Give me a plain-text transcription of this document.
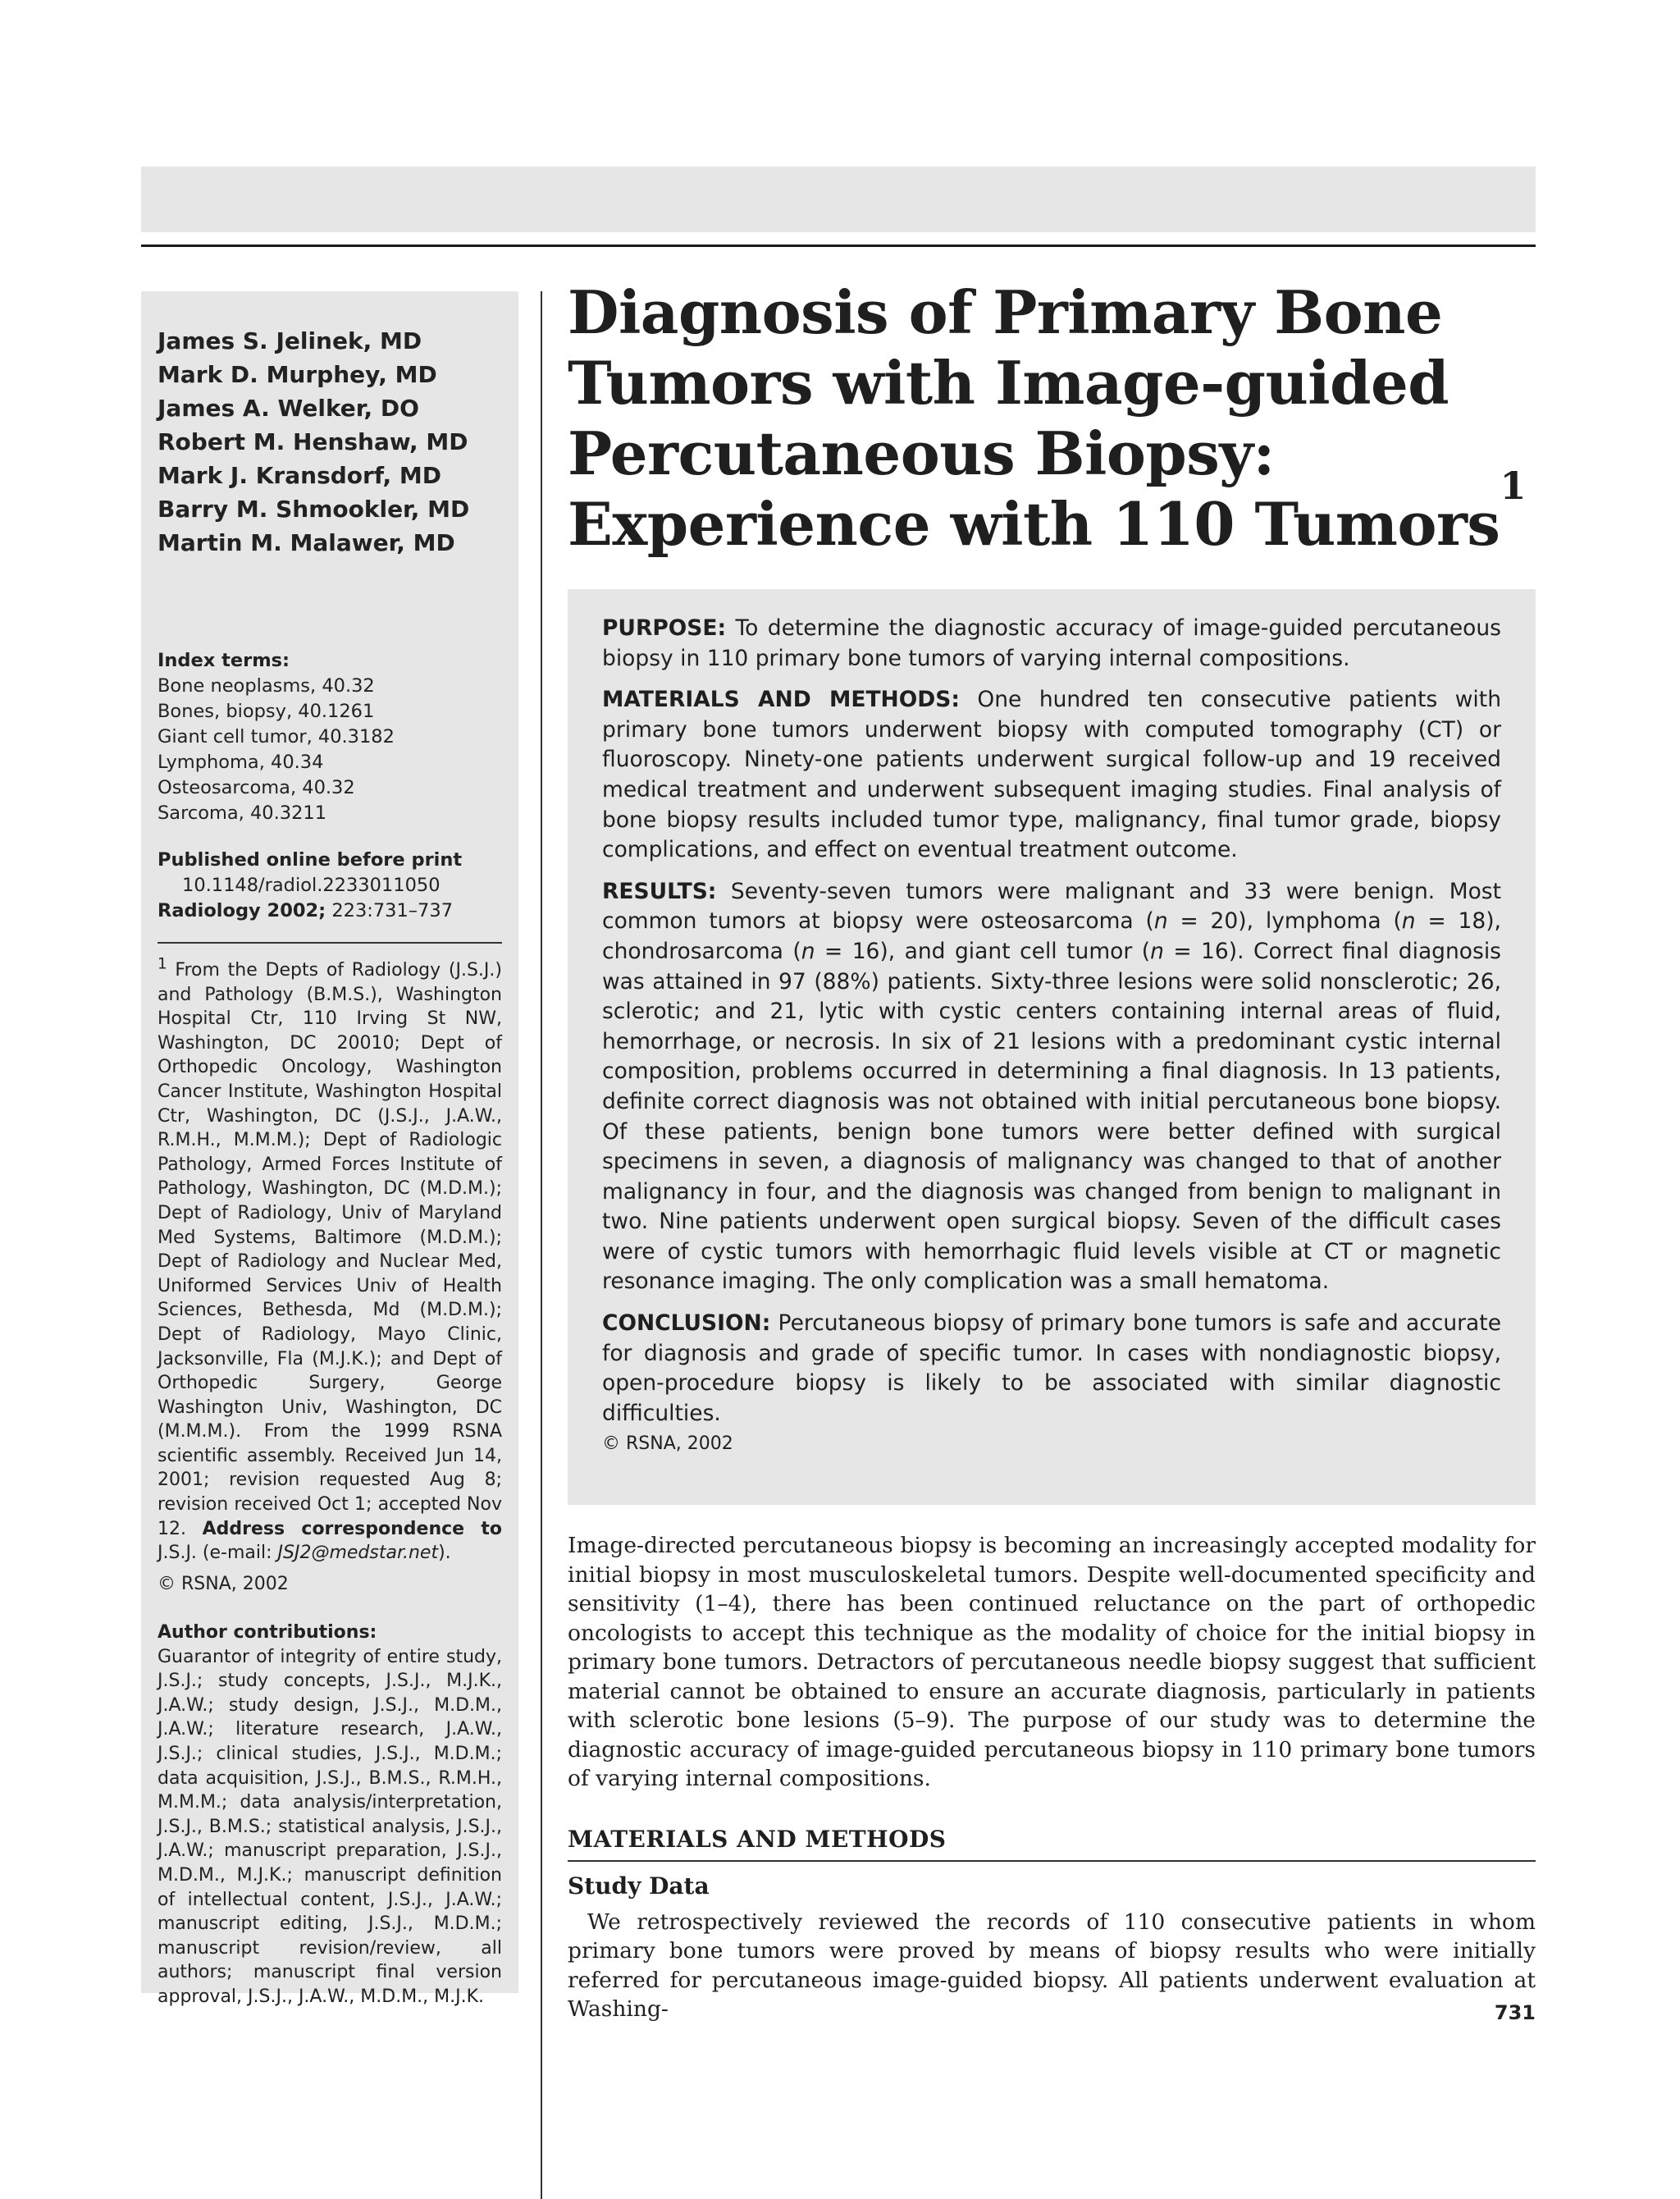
James S. Jelinek, MD
Mark D. Murphey, MD
James A. Welker, DO
Robert M. Henshaw, MD
Mark J. Kransdorf, MD
Barry M. Shmookler, MD
Martin M. Malawer, MD
Index terms:
Bone neoplasms, 40.32
Bones, biopsy, 40.1261
Giant cell tumor, 40.3182
Lymphoma, 40.34
Osteosarcoma, 40.32
Sarcoma, 40.3211
Published online before print
10.1148/radiol.2233011050
Radiology 2002; 223:731–737
$^1$ From the Depts of Radiology (J.S.J.) and Pathology (B.M.S.), Washington Hospital Ctr, 110 Irving St NW, Washington, DC 20010; Dept of Orthopedic Oncology, Washington Cancer Institute, Washington Hospital Ctr, Washington, DC (J.S.J., J.A.W., R.M.H., M.M.M.); Dept of Radiologic Pathology, Armed Forces Institute of Pathology, Washington, DC (M.D.M.); Dept of Radiology, Univ of Maryland Med Systems, Baltimore (M.D.M.); Dept of Radiology and Nuclear Med, Uniformed Services Univ of Health Sciences, Bethesda, Md (M.D.M.); Dept of Radiology, Mayo Clinic, Jacksonville, Fla (M.J.K.); and Dept of Orthopedic Surgery, George Washington Univ, Washington, DC (M.M.M.). From the 1999 RSNA scientific assembly. Received Jun 14, 2001; revision requested Aug 8; revision received Oct 1; accepted Nov 12. Address correspondence to J.S.J. (e-mail: JSJ2@medstar.net).
© RSNA, 2002
Author contributions:
Guarantor of integrity of entire study, J.S.J.; study concepts, J.S.J., M.J.K., J.A.W.; study design, J.S.J., M.D.M., J.A.W.; literature research, J.A.W., J.S.J.; clinical studies, J.S.J., M.D.M.; data acquisition, J.S.J., B.M.S., R.M.H., M.M.M.; data analysis/interpretation, J.S.J., B.M.S.; statistical analysis, J.S.J., J.A.W.; manuscript preparation, J.S.J., M.D.M., M.J.K.; manuscript definition of intellectual content, J.S.J., J.A.W.; manuscript editing, J.S.J., M.D.M.; manuscript revision/review, all authors; manuscript final version approval, J.S.J., J.A.W., M.D.M., M.J.K.
Diagnosis of Primary Bone Tumors with Image-guided Percutaneous Biopsy: Experience with 110 Tumors$^1$

PURPOSE: To determine the diagnostic accuracy of image-guided percutaneous biopsy in 110 primary bone tumors of varying internal compositions.

MATERIALS AND METHODS: One hundred ten consecutive patients with primary bone tumors underwent biopsy with computed tomography (CT) or fluoroscopy. Ninety-one patients underwent surgical follow-up and 19 received medical treatment and underwent subsequent imaging studies. Final analysis of bone biopsy results included tumor type, malignancy, final tumor grade, biopsy complications, and effect on eventual treatment outcome.

RESULTS: Seventy-seven tumors were malignant and 33 were benign. Most common tumors at biopsy were osteosarcoma (n = 20), lymphoma (n = 18), chondrosarcoma (n = 16), and giant cell tumor (n = 16). Correct final diagnosis was attained in 97 (88%) patients. Sixty-three lesions were solid nonsclerotic; 26, sclerotic; and 21, lytic with cystic centers containing internal areas of fluid, hemorrhage, or necrosis. In six of 21 lesions with a predominant cystic internal composition, problems occurred in determining a final diagnosis. In 13 patients, definite correct diagnosis was not obtained with initial percutaneous bone biopsy. Of these patients, benign bone tumors were better defined with surgical specimens in seven, a diagnosis of malignancy was changed to that of another malignancy in four, and the diagnosis was changed from benign to malignant in two. Nine patients underwent open surgical biopsy. Seven of the difficult cases were of cystic tumors with hemorrhagic fluid levels visible at CT or magnetic resonance imaging. The only complication was a small hematoma.

CONCLUSION: Percutaneous biopsy of primary bone tumors is safe and accurate for diagnosis and grade of specific tumor. In cases with nondiagnostic biopsy, open-procedure biopsy is likely to be associated with similar diagnostic difficulties.

© RSNA, 2002

Image-directed percutaneous biopsy is becoming an increasingly accepted modality for initial biopsy in most musculoskeletal tumors. Despite well-documented specificity and sensitivity (1–4), there has been continued reluctance on the part of orthopedic oncologists to accept this technique as the modality of choice for the initial biopsy in primary bone tumors. Detractors of percutaneous needle biopsy suggest that sufficient material cannot be obtained to ensure an accurate diagnosis, particularly in patients with sclerotic bone lesions (5–9). The purpose of our study was to determine the diagnostic accuracy of image-guided percutaneous biopsy in 110 primary bone tumors of varying internal compositions.

MATERIALS AND METHODS
Study Data

We retrospectively reviewed the records of 110 consecutive patients in whom primary bone tumors were proved by means of biopsy results who were initially referred for percutaneous image-guided biopsy. All patients underwent evaluation at Washing-	731
